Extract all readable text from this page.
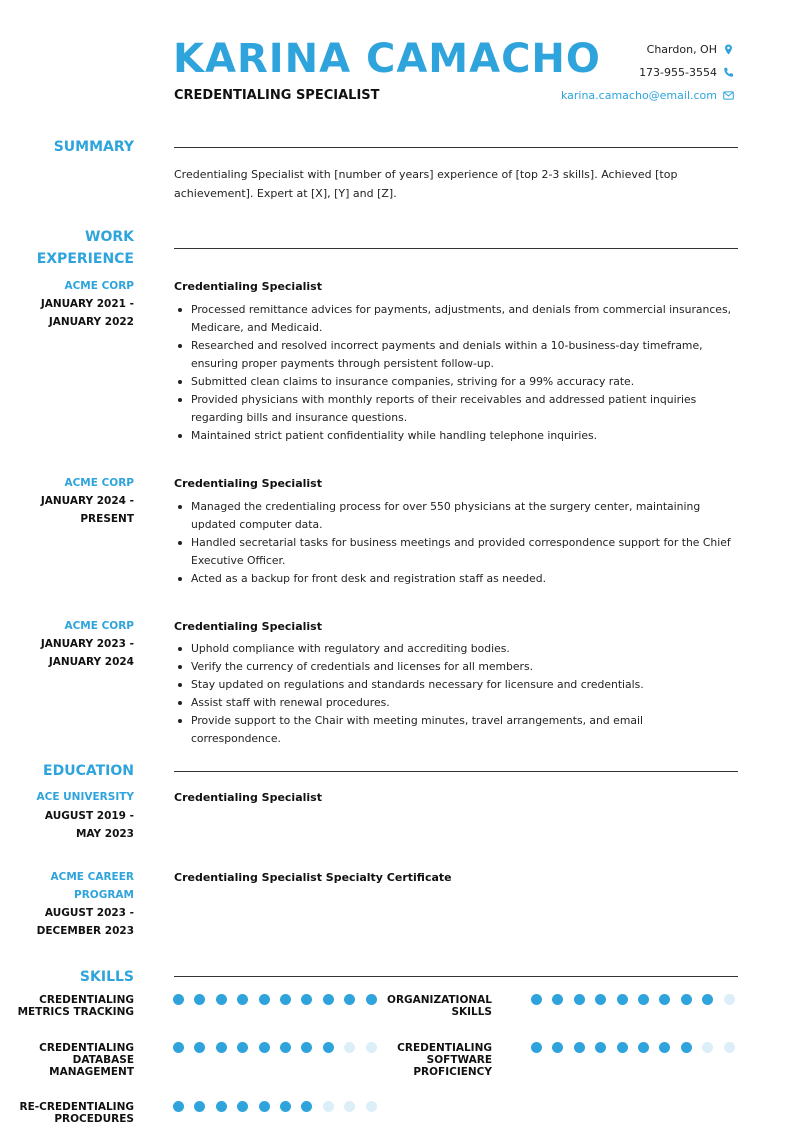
KARINA CAMACHO
CREDENTIALING SPECIALIST
Chardon, OH
173-955-3554
karina.camacho@email.com
SUMMARY
Credentialing Specialist with [number of years] experience of [top 2-3 skills]. Achieved [top achievement]. Expert at [X], [Y] and [Z].
WORK
EXPERIENCE
ACME CORP
JANUARY 2021 -
JANUARY 2022
Credentialing Specialist
Processed remittance advices for payments, adjustments, and denials from commercial insurances, Medicare, and Medicaid.
Researched and resolved incorrect payments and denials within a 10-business-day timeframe, ensuring proper payments through persistent follow-up.
Submitted clean claims to insurance companies, striving for a 99% accuracy rate.
Provided physicians with monthly reports of their receivables and addressed patient inquiries regarding bills and insurance questions.
Maintained strict patient confidentiality while handling telephone inquiries.
ACME CORP
JANUARY 2024 -
PRESENT
Credentialing Specialist
Managed the credentialing process for over 550 physicians at the surgery center, maintaining updated computer data.
Handled secretarial tasks for business meetings and provided correspondence support for the Chief Executive Officer.
Acted as a backup for front desk and registration staff as needed.
ACME CORP
JANUARY 2023 -
JANUARY 2024
Credentialing Specialist
Uphold compliance with regulatory and accrediting bodies.
Verify the currency of credentials and licenses for all members.
Stay updated on regulations and standards necessary for licensure and credentials.
Assist staff with renewal procedures.
Provide support to the Chair with meeting minutes, travel arrangements, and email correspondence.
EDUCATION
ACE UNIVERSITY
AUGUST 2019 -
MAY 2023
Credentialing Specialist
ACME CAREER
PROGRAM
AUGUST 2023 -
DECEMBER 2023
Credentialing Specialist Specialty Certificate
SKILLS
CREDENTIALING
METRICS TRACKING
ORGANIZATIONAL
SKILLS
CREDENTIALING
DATABASE
MANAGEMENT
CREDENTIALING
SOFTWARE
PROFICIENCY
RE-CREDENTIALING
PROCEDURES
